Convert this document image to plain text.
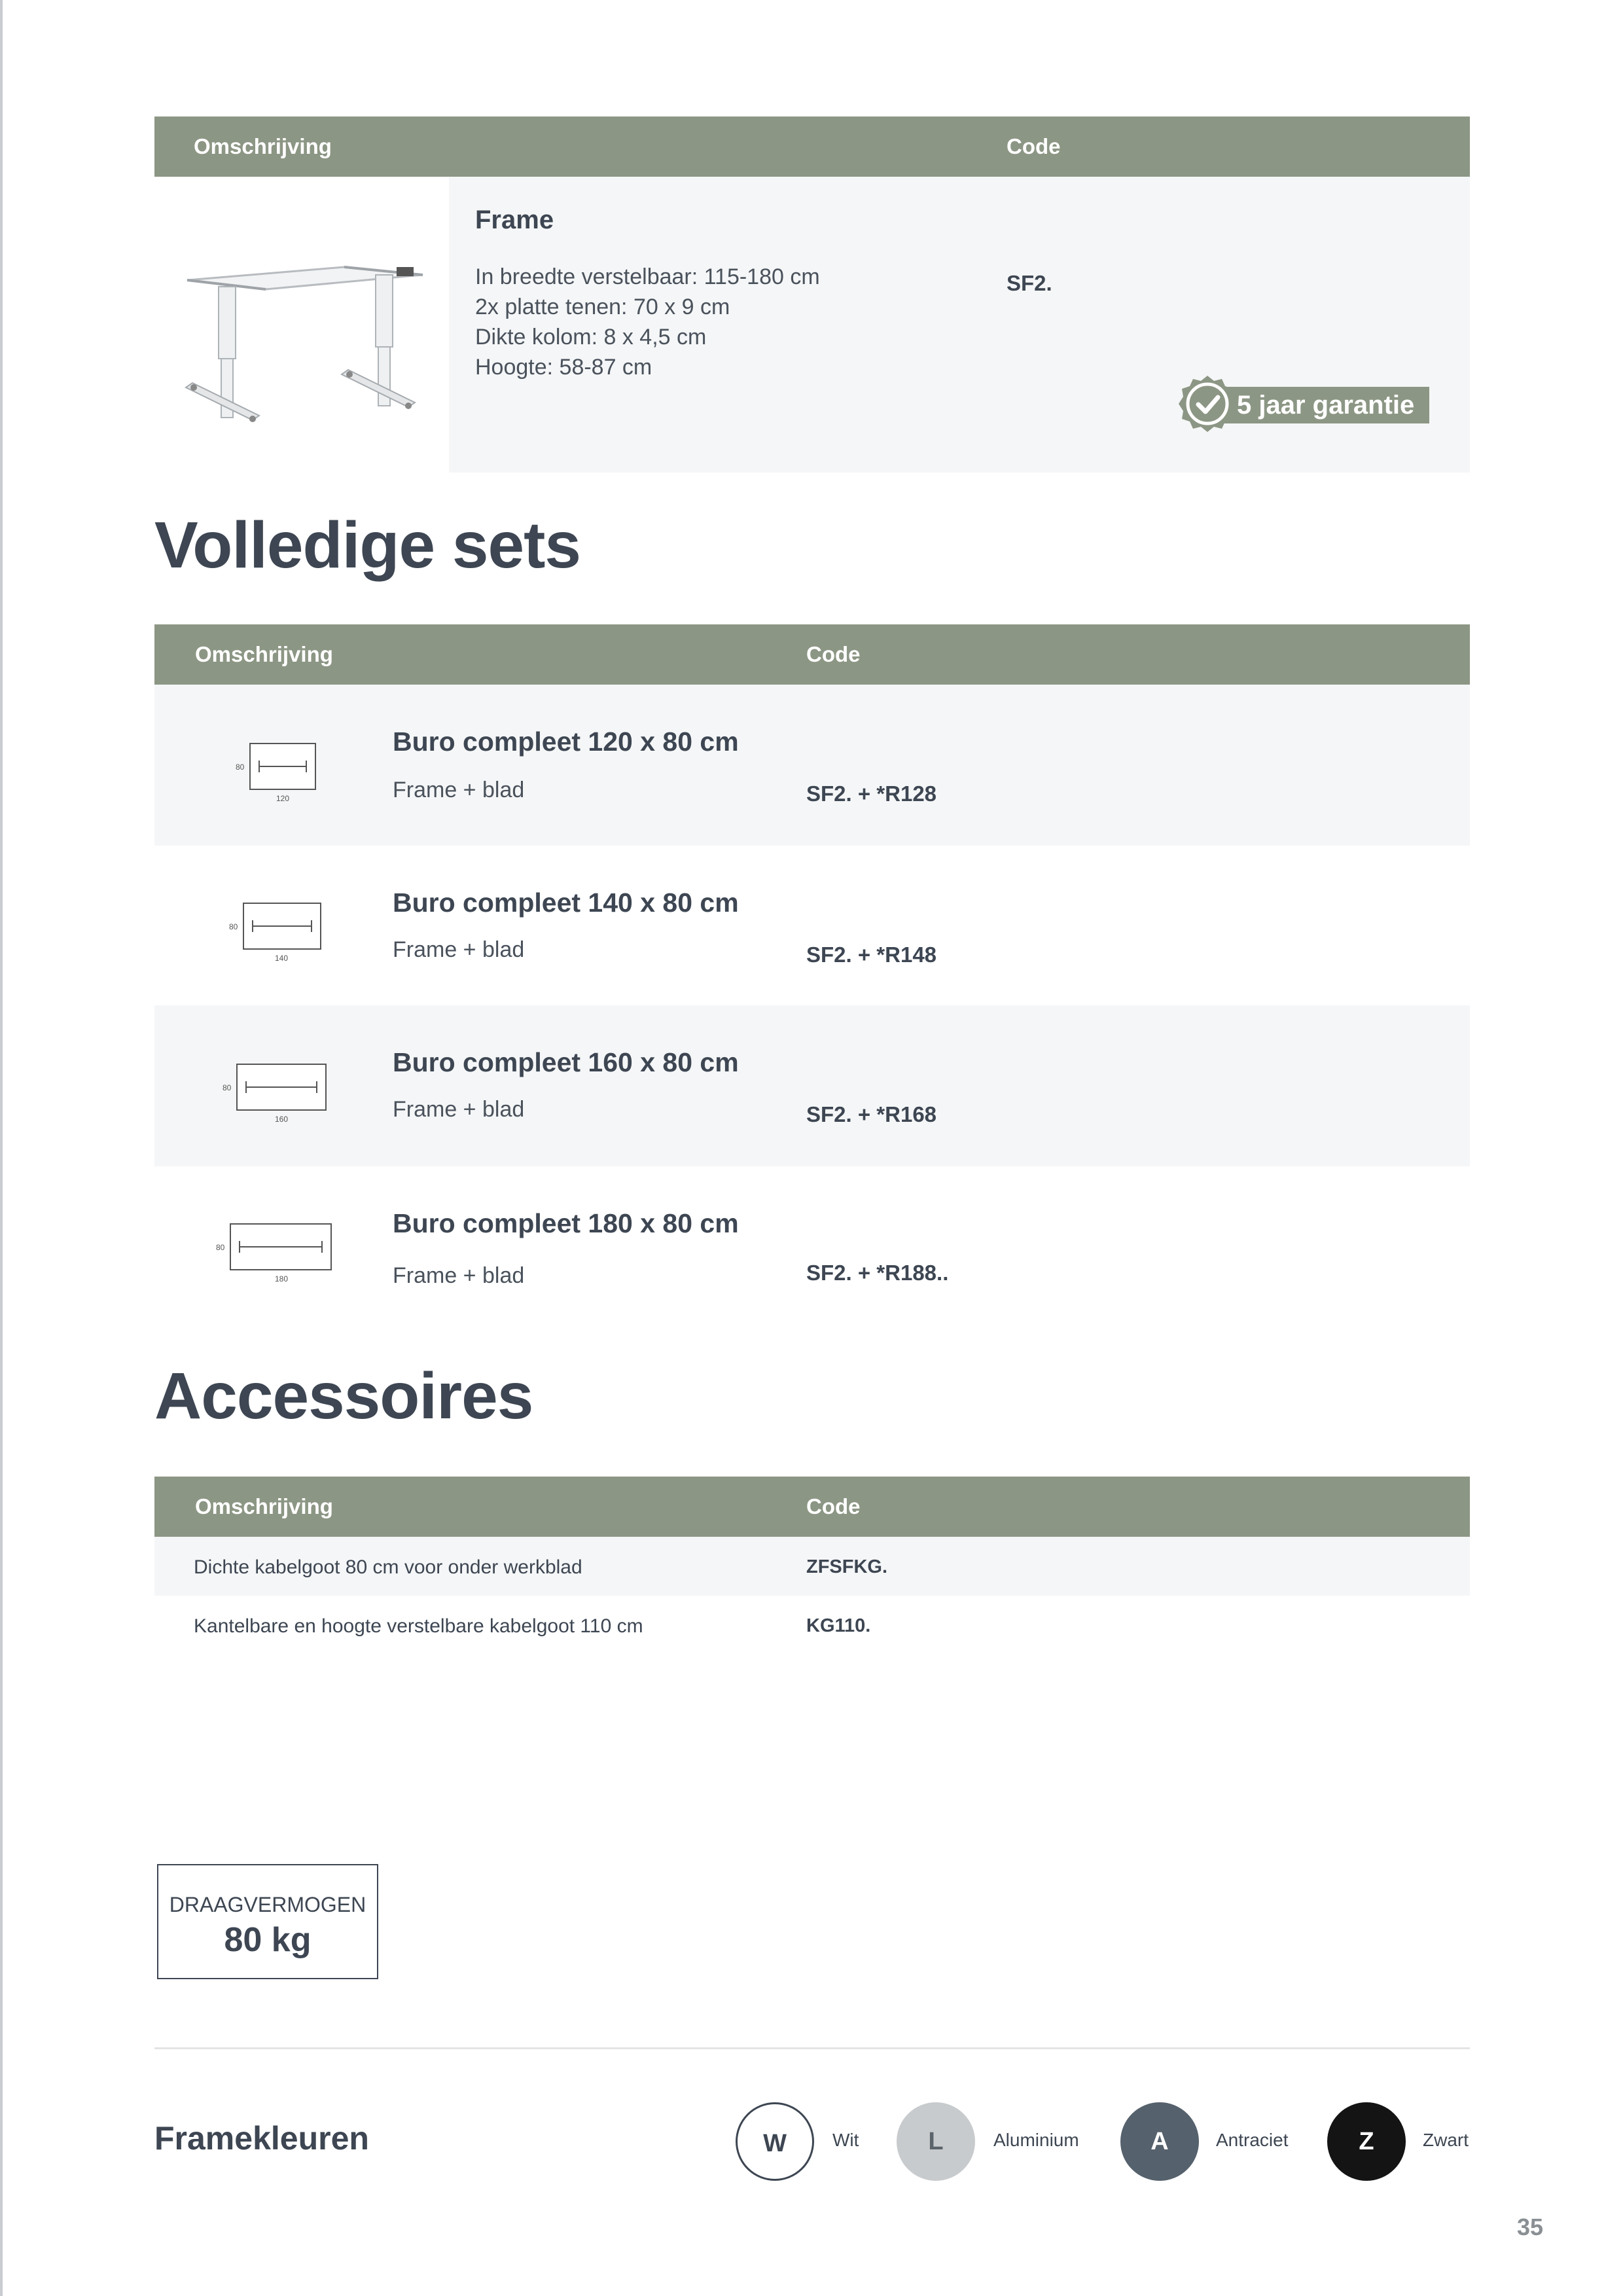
Omschrijving	Code
Frame
In breedte verstelbaar: 115-180 cm
2x platte tenen: 70 x 9 cm
Dikte kolom: 8 x 4,5 cm
Hoogte: 58-87 cm
SF2.
5 jaar garantie
Volledige sets
Omschrijving	Code
80
120
Buro compleet 120 x 80 cm
Frame + blad	SF2. + *R128
80
140
Buro compleet 140 x 80 cm
Frame + blad	SF2. + *R148
80
160
Buro compleet 160 x 80 cm
Frame + blad	SF2. + *R168
80
180
Buro compleet 180 x 80 cm
Frame + blad	SF2. + *R188..
Accessoires
Omschrijving	Code
Dichte kabelgoot 80 cm voor onder werkblad	ZFSFKG.
Kantelbare en hoogte verstelbare kabelgoot 110 cm	KG110.
DRAAGVERMOGEN
80 kg
Framekleuren	W	Wit	L	Aluminium	A	Antraciet	Z	Zwart
35
